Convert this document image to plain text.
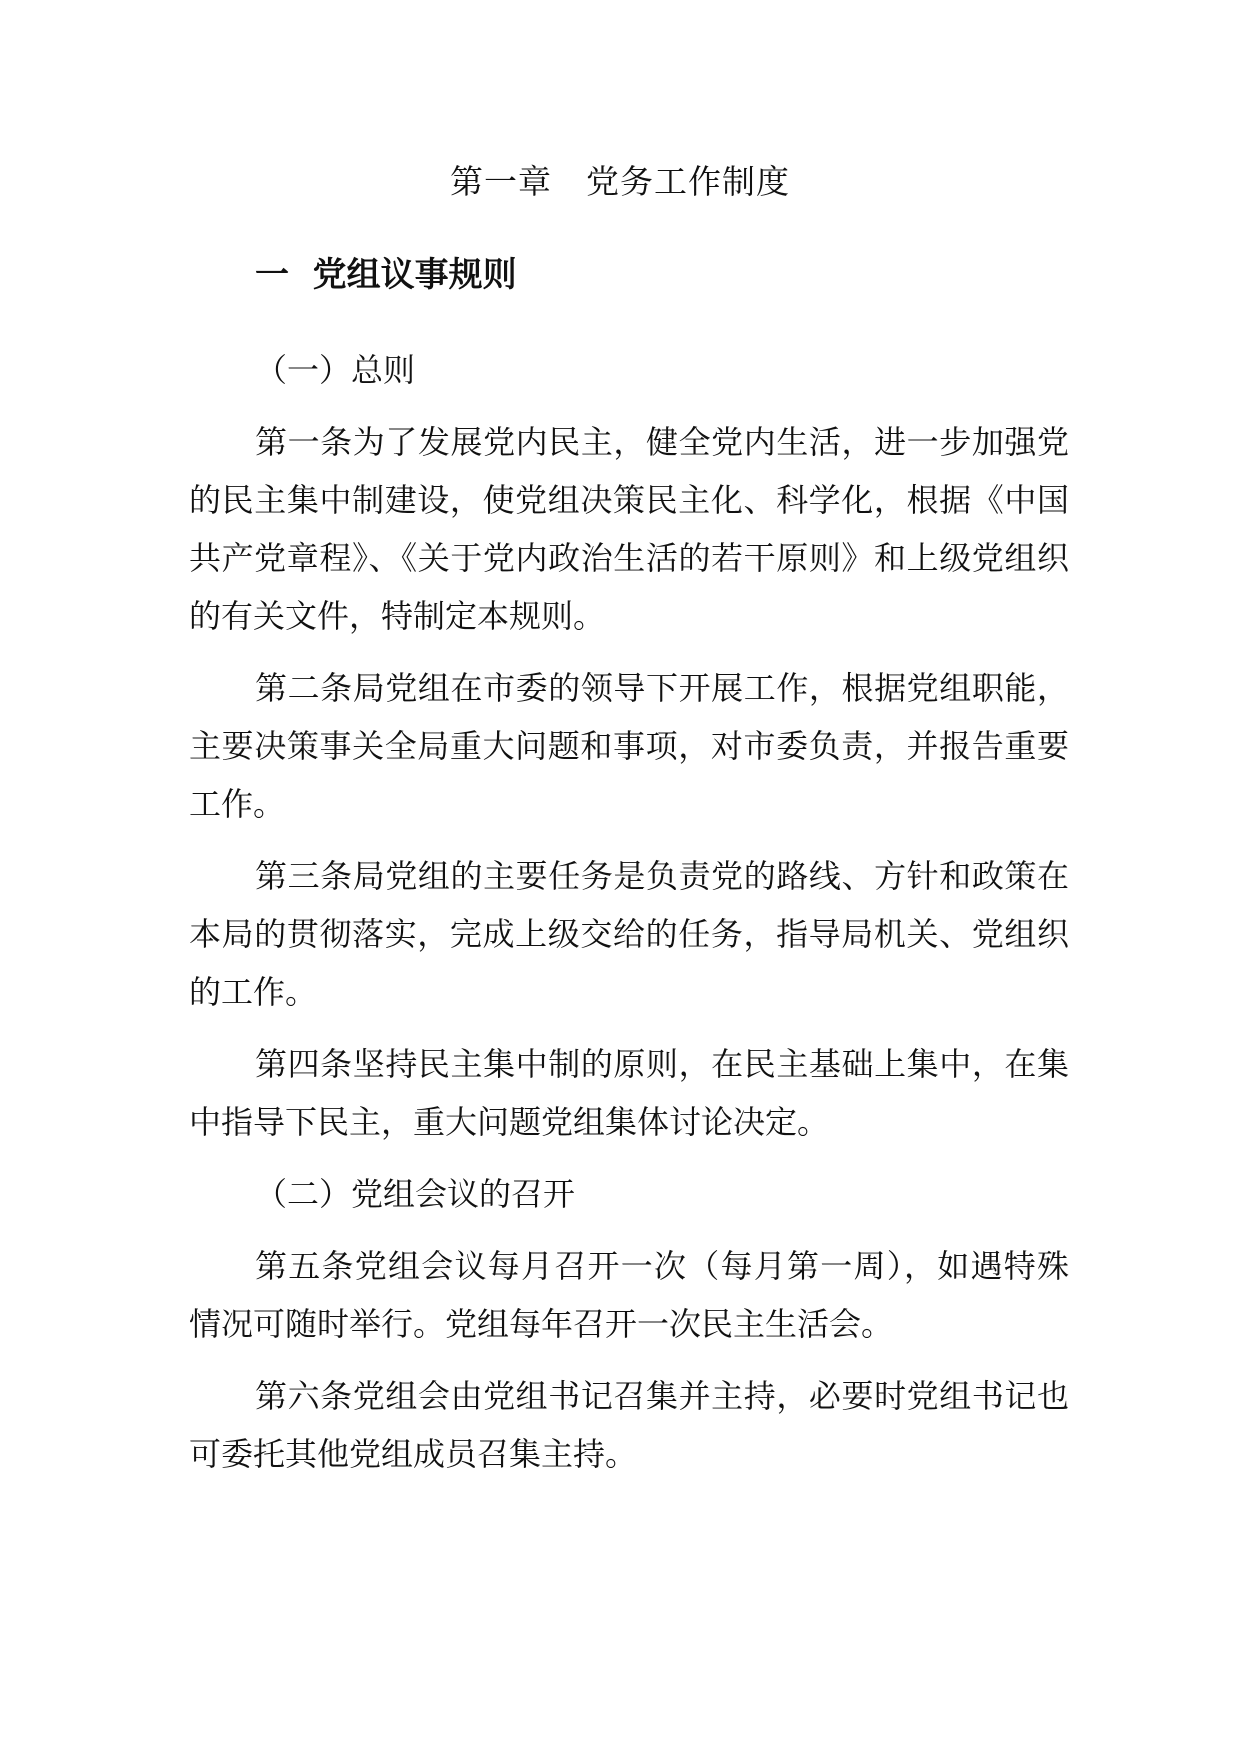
第一章　党务工作制度
一  党组议事规则
（一）总则

第一条为了发展党内民主，健全党内生活，进一步加强党的民主集中制建设，使党组决策民主化、科学化，根据《中国共产党章程》、《关于党内政治生活的若干原则》和上级党组织的有关文件，特制定本规则。

第二条局党组在市委的领导下开展工作，根据党组职能，主要决策事关全局重大问题和事项，对市委负责，并报告重要工作。

第三条局党组的主要任务是负责党的路线、方针和政策在本局的贯彻落实，完成上级交给的任务，指导局机关、党组织的工作。

第四条坚持民主集中制的原则，在民主基础上集中，在集中指导下民主，重大问题党组集体讨论决定。

（二）党组会议的召开

第五条党组会议每月召开一次（每月第一周），如遇特殊情况可随时举行。党组每年召开一次民主生活会。

第六条党组会由党组书记召集并主持，必要时党组书记也可委托其他党组成员召集主持。
